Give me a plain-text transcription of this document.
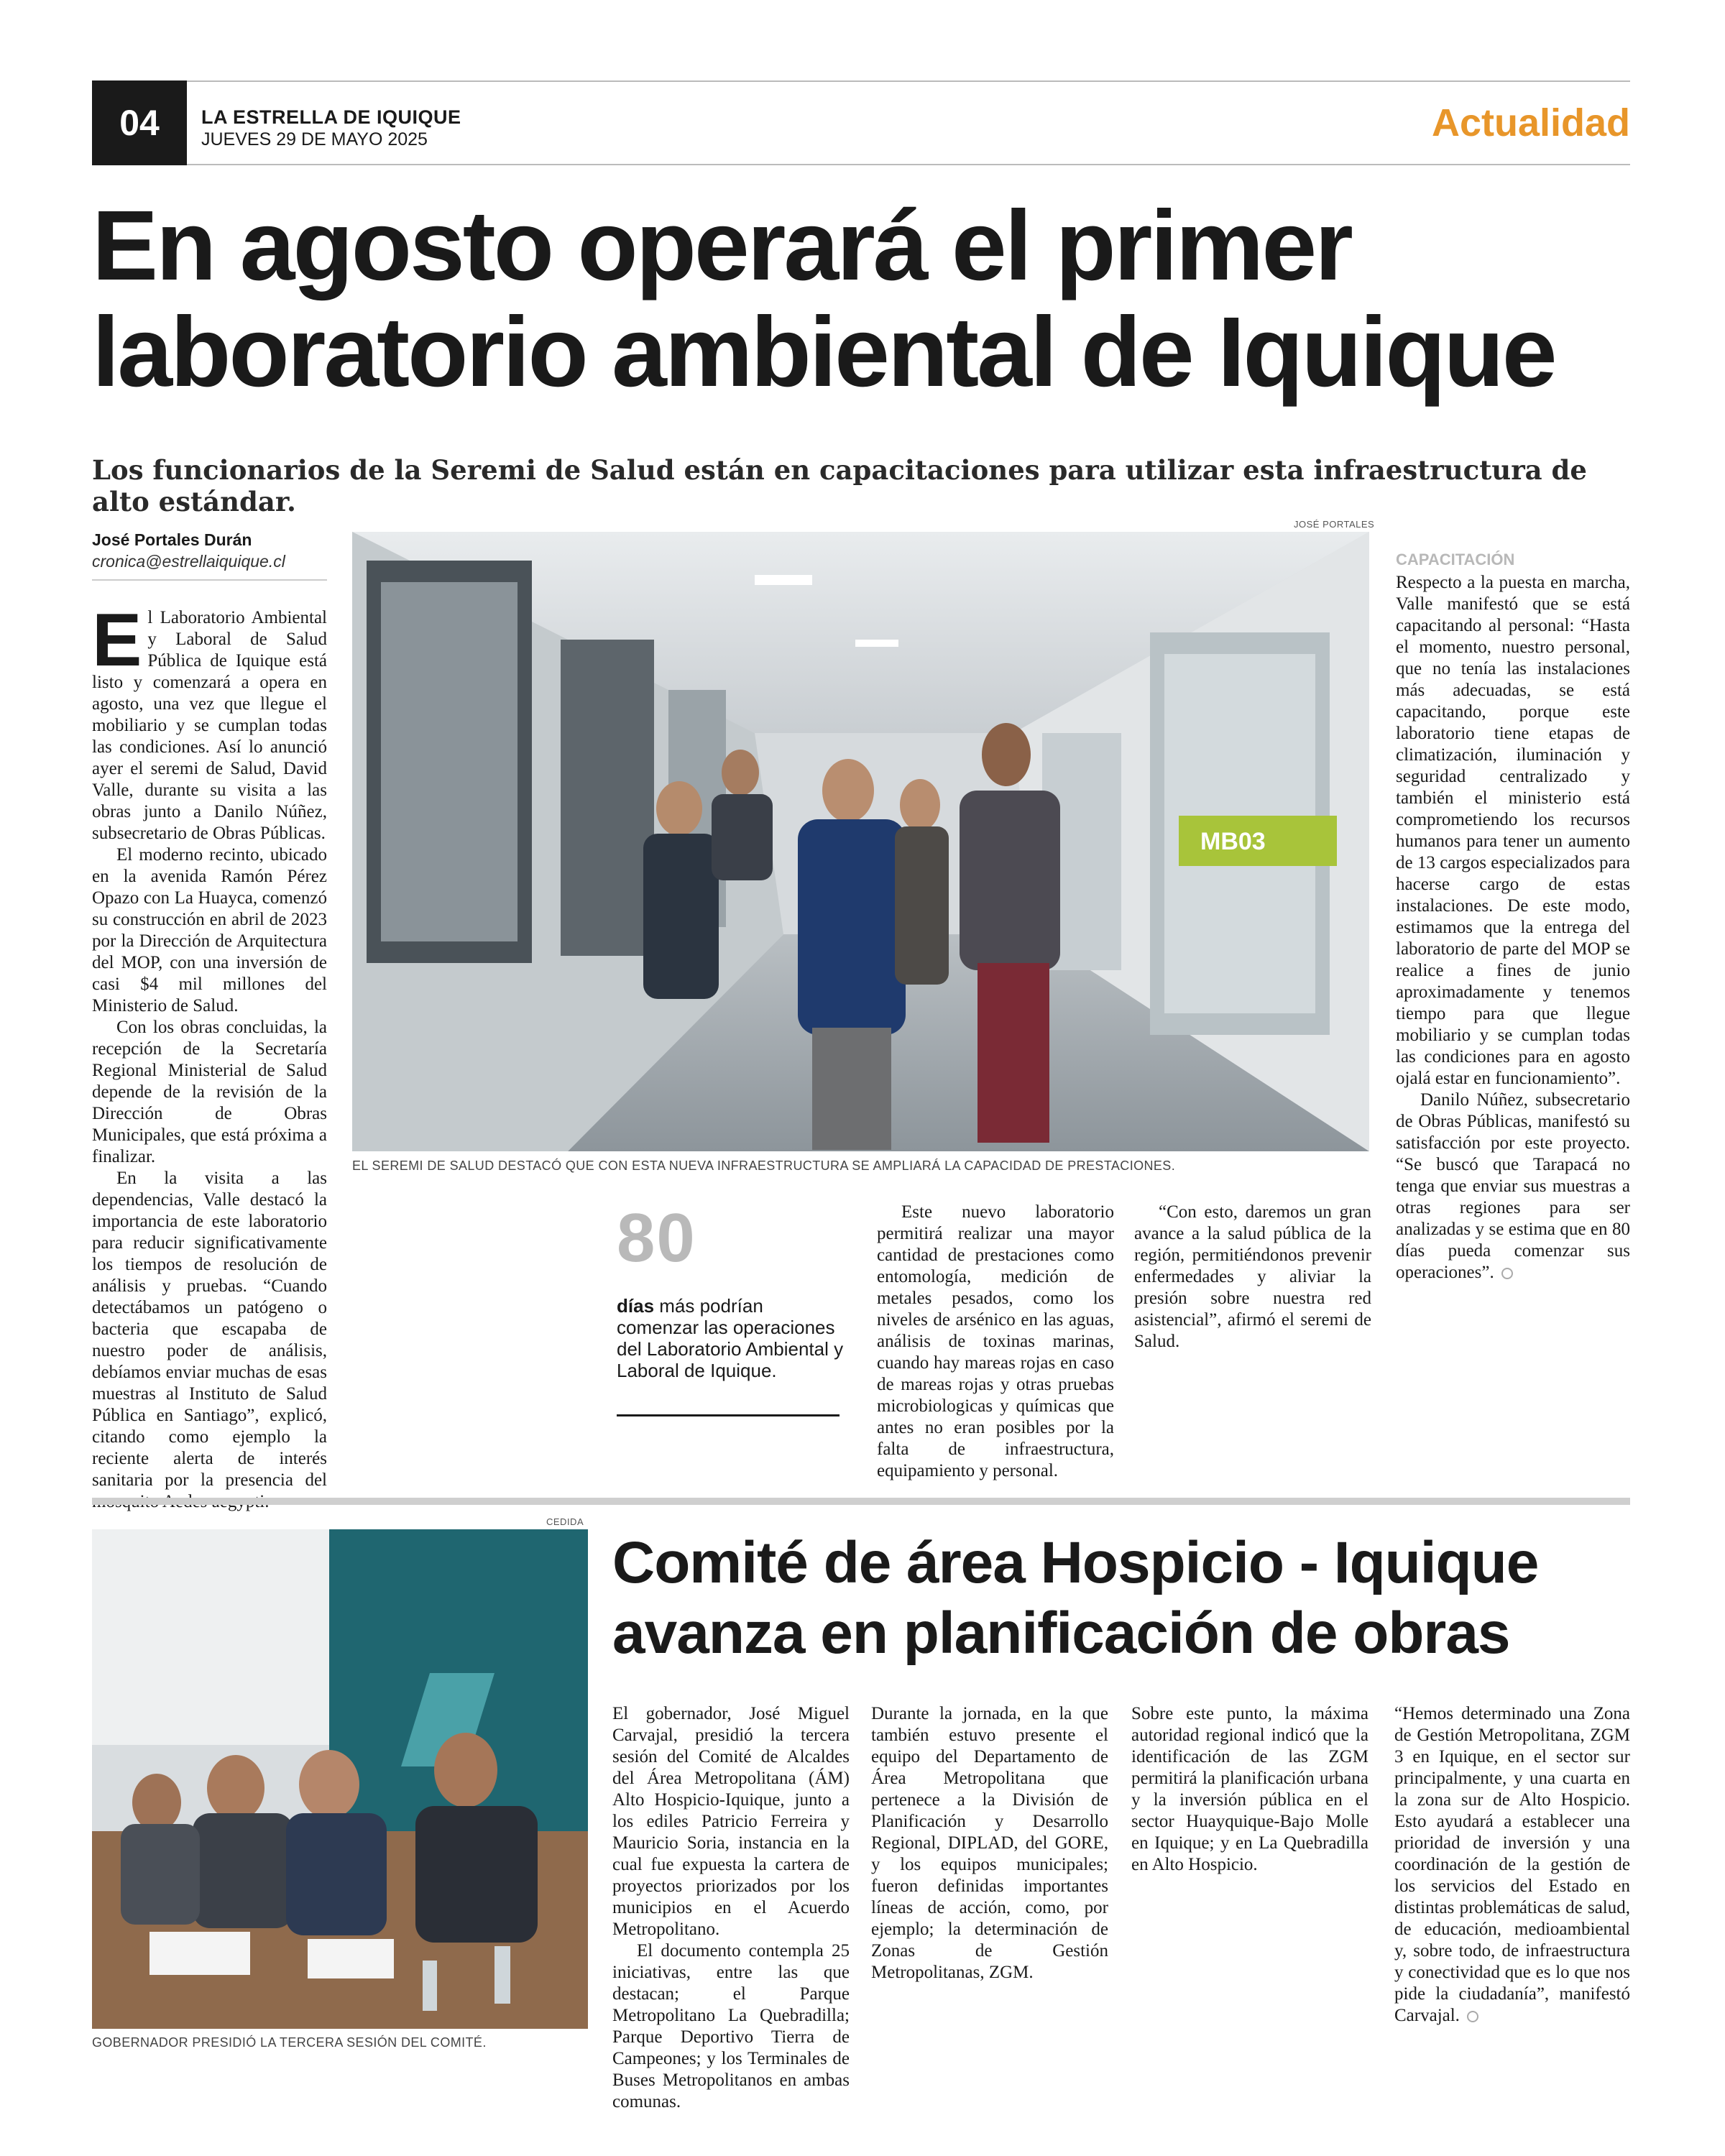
04	LA ESTRELLA DE IQUIQUE
JUEVES 29 DE MAYO 2025	Actualidad
En agosto operará el primer
laboratorio ambiental de Iquique
Los funcionarios de la Seremi de Salud están en capacitaciones para utilizar esta infraestructura de alto estándar.
José Portales Durán
cronica@estrellaiquique.cl
JOSÉ PORTALES
MB03
EL SEREMI DE SALUD DESTACÓ QUE CON ESTA NUEVA INFRAESTRUCTURA SE AMPLIARÁ LA CAPACIDAD DE PRESTACIONES.

El Laboratorio Ambiental y Laboral de Salud Pública de Iquique está listo y comenzará a opera en agosto, una vez que llegue el mobiliario y se cumplan todas las condiciones. Así lo anunció ayer el seremi de Salud, David Valle, durante su visita a las obras junto a Danilo Núñez, subsecretario de Obras Públicas.

El moderno recinto, ubicado en la avenida Ramón Pérez Opazo con La Huayca, comenzó su construcción en abril de 2023 por la Dirección de Arquitectura del MOP, con una inversión de casi $4 mil millones del Ministerio de Salud.

Con los obras concluidas, la recepción de la Secretaría Regional Ministerial de Salud depende de la revisión de la Dirección de Obras Municipales, que está próxima a finalizar.

En la visita a las dependencias, Valle destacó la importancia de este laboratorio para reducir significativamente los tiempos de resolución de análisis y pruebas. “Cuando detectábamos un patógeno o bacteria que escapaba de nuestro poder de análisis, debíamos enviar muchas de esas muestras al Instituto de Salud Pública en Santiago”, explicó, citando como ejemplo la reciente alerta de interés sanitaria por la presencia del

80
días más podrían comenzar las operaciones del Laboratorio Ambiental y Laboral de Iquique.

Este nuevo laboratorio permitirá realizar una mayor cantidad de prestaciones como entomología, medición de metales pesados, como los niveles de arsénico en las aguas, análisis de toxinas marinas, cuando hay mareas rojas en caso de mareas rojas y otras pruebas microbiologicas y químicas que antes no eran posibles por la falta de infraestructura, equipamiento y personal.

“Con esto, daremos un gran avance a la salud pública de la región, permitiéndonos prevenir enfermedades y aliviar la presión sobre nuestra red asistencial”, afirmó el seremi de Salud.

CAPACITACIÓN

Respecto a la puesta en marcha, Valle manifestó que se está capacitando al personal: “Hasta el momento, nuestro personal, que no tenía las instalaciones más adecuadas, se está capacitando, porque este laboratorio tiene etapas de climatización, iluminación y seguridad centralizado y también el ministerio está comprometiendo los recursos humanos para tener un aumento de 13 cargos especializados para hacerse cargo de estas instalaciones. De este modo, estimamos que la entrega del laboratorio de parte del MOP se realice a fines de junio aproximadamente y tenemos tiempo para que llegue mobiliario y se cumplan todas las condiciones para en agosto ojalá estar en funcionamiento”.

Danilo Núñez, subsecretario de Obras Públicas, manifestó su satisfacción por este proyecto. “Se buscó que Tarapacá no tenga que enviar sus muestras a otras regiones para ser analizadas y se estima que en 80 días pueda comenzar sus operaciones”.

CEDIDA
GOBERNADOR PRESIDIÓ LA TERCERA SESIÓN DEL COMITÉ.
Comité de área Hospicio - Iquique
avanza en planificación de obras

El gobernador, José Miguel Carvajal, presidió la tercera sesión del Comité de Alcaldes del Área Metropolitana (ÁM) Alto Hospicio-Iquique, junto a los ediles Patricio Ferreira y Mauricio Soria, instancia en la cual fue expuesta la cartera de proyectos priorizados por los municipios en el Acuerdo Metropolitano.

El documento contempla 25 iniciativas, entre las que destacan; el Parque Metropolitano La Quebradilla; Parque Deportivo Tierra de Campeones; y los Terminales de Buses Metropolitanos en ambas comunas.

Durante la jornada, en la que también estuvo presente el equipo del Departamento de Área Metropolitana que pertenece a la División de Planificación y Desarrollo Regional, DIPLAD, del GORE, y los equipos municipales; fueron definidas importantes líneas de acción, como, por ejemplo; la determinación de Zonas de Gestión Metropolitanas, ZGM.

Sobre este punto, la máxima autoridad regional indicó que la identificación de las ZGM permitirá la planificación urbana y la inversión pública en el sector Huayquique-Bajo Molle en Iquique; y en La Quebradilla en Alto Hospicio.

“Hemos determinado una Zona de Gestión Metropolitana, ZGM 3 en Iquique, en el sector sur principalmente, y una cuarta en la zona sur de Alto Hospicio. Esto ayudará a establecer una prioridad de inversión y una coordinación de la gestión de los servicios del Estado en distintas problemáticas de salud, de educación, medioambiental y, sobre todo, de infraestructura y conectividad que es lo que nos pide la ciudadanía”, manifestó Carvajal.
